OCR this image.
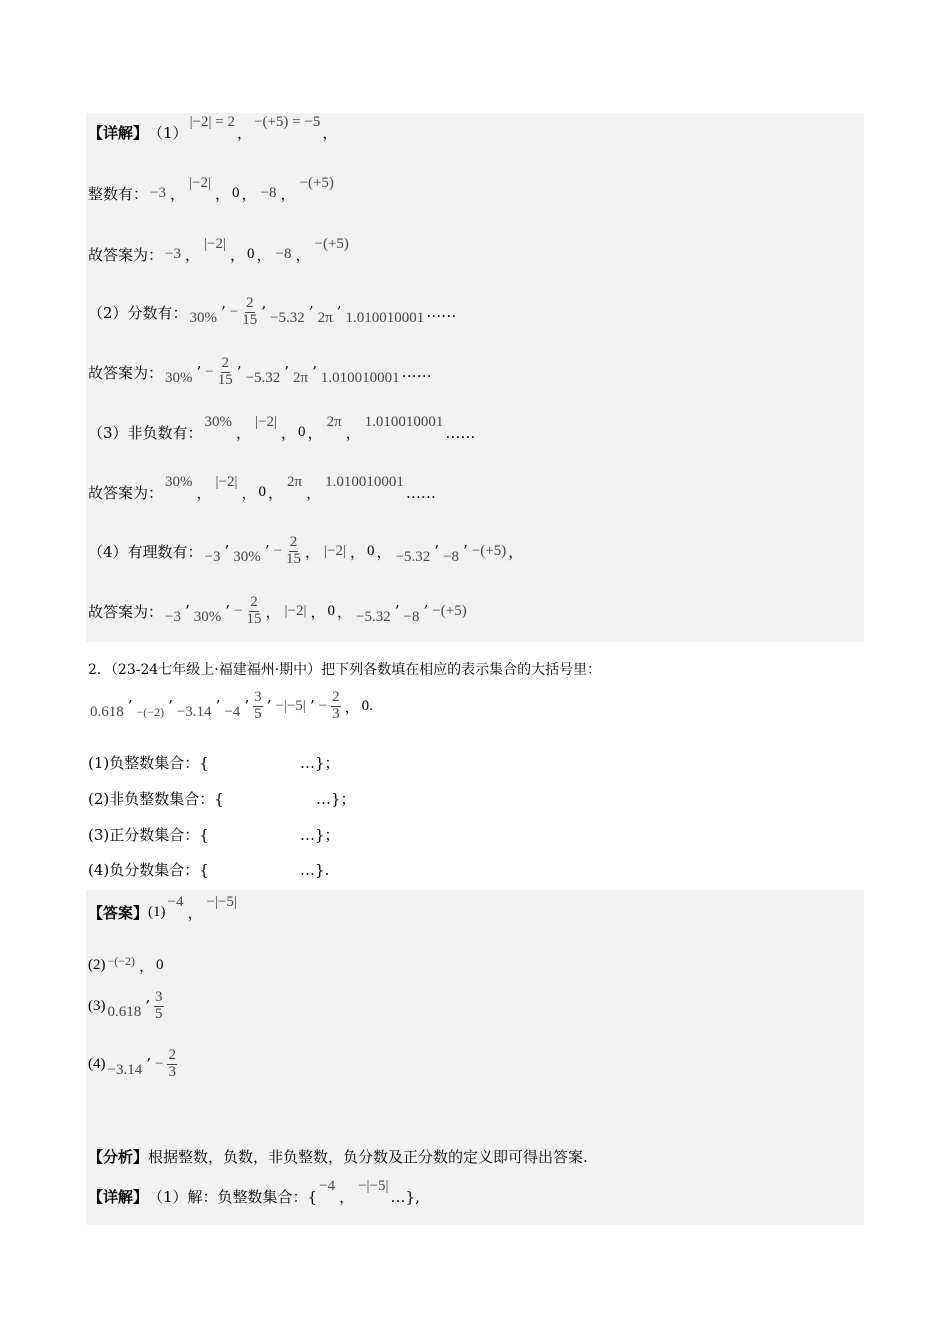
【详解】 （1）
|−2| = 2
，
−(+5) = −5
，
整数有： −3 ，
|−2|
， 0 ， −8 ，
−(+5)
故答案为： −3 ，
|−2|
， 0 ， −8 ，
−(+5)
（2）分数有： 30% ’ − $\frac{2}{15}$ ’ −5.32 ’ 2π ’ 1.010010001 ……
故答案为： 30% ’ − $\frac{2}{15}$ ’ −5.32 ’ 2π ’ 1.010010001 ……
（3）非负数有：
30%
，
|−2|
， 0 ，
2π
，
1.010010001
……
故答案为：
30%
，
|−2|
， 0 ，
2π
，
1.010010001
……
（4）有理数有： −3 ’ 30% ’ − $\frac{2}{15}$ ， |−2| ， 0 ， −5.32 ’ −8 ’ −(+5) ，
故答案为： −3 ’ 30% ’ − $\frac{2}{15}$ ， |−2| ， 0 ， −5.32 ’ −8 ’ −(+5)
2．（23-24七年级上·福建福州·期中）把下列各数填在相应的表示集合的大括号里：
0.618 ’ −(−2) ’ −3.14 ’ −4 ’ $\frac{3}{5}$ ’ −|−5| ’ − $\frac{2}{3}$ ， 0 .
(1)负整数集合：{	…}；
(2)非负整数集合：{	…}；
(3)正分数集合：{	…}；
(4)负分数集合：{	…}.
【答案】 (1)
−4
，
−|−5|
(2) −(−2) ， 0
(3) 0.618 ’ $\frac{3}{5}$
(4) −3.14 ’ − $\frac{2}{3}$
【分析】 根据整数，负数，非负整数，负分数及正分数的定义即可得出答案.
【详解】 （1）解：负整数集合：{
−4
，
−|−5|
…},
